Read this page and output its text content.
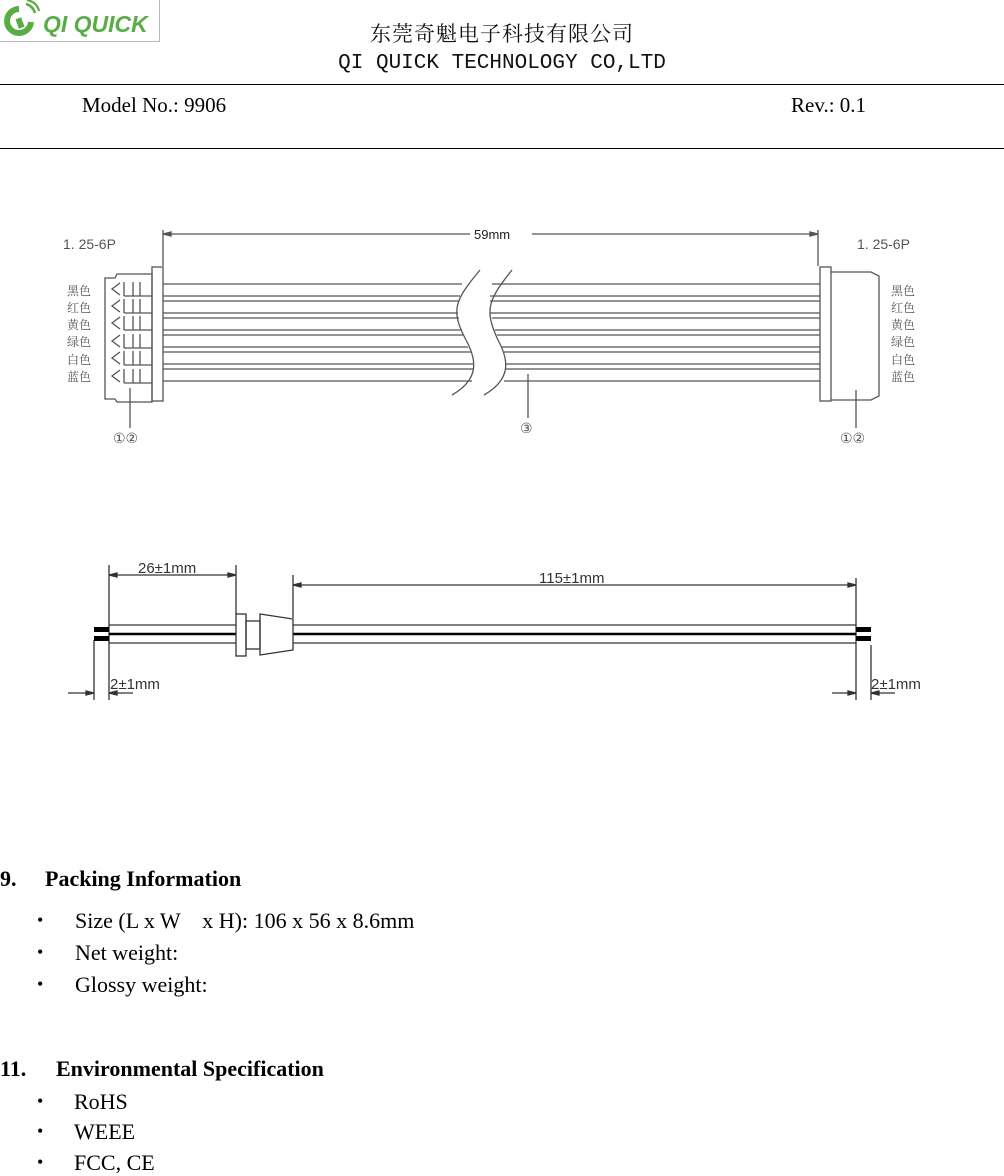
QI QUICK	东莞奇魁电子科技有限公司
QI QUICK TECHNOLOGY CO,LTD
Model No.: 9906	Rev.: 0.1
1. 25-6P	1. 25-6P
59mm
黑色
红色
黄色
绿色
白色
蓝色
黑色
红色
黄色
绿色
白色
蓝色
①②
③
①②
26±1mm
115±1mm
2±1mm	2±1mm
9. Packing Information
• Size (L x W    x H): 106 x 56 x 8.6mm
• Net weight:
• Glossy weight:
11. Environmental Specification
• RoHS
• WEEE
• FCC, CE
